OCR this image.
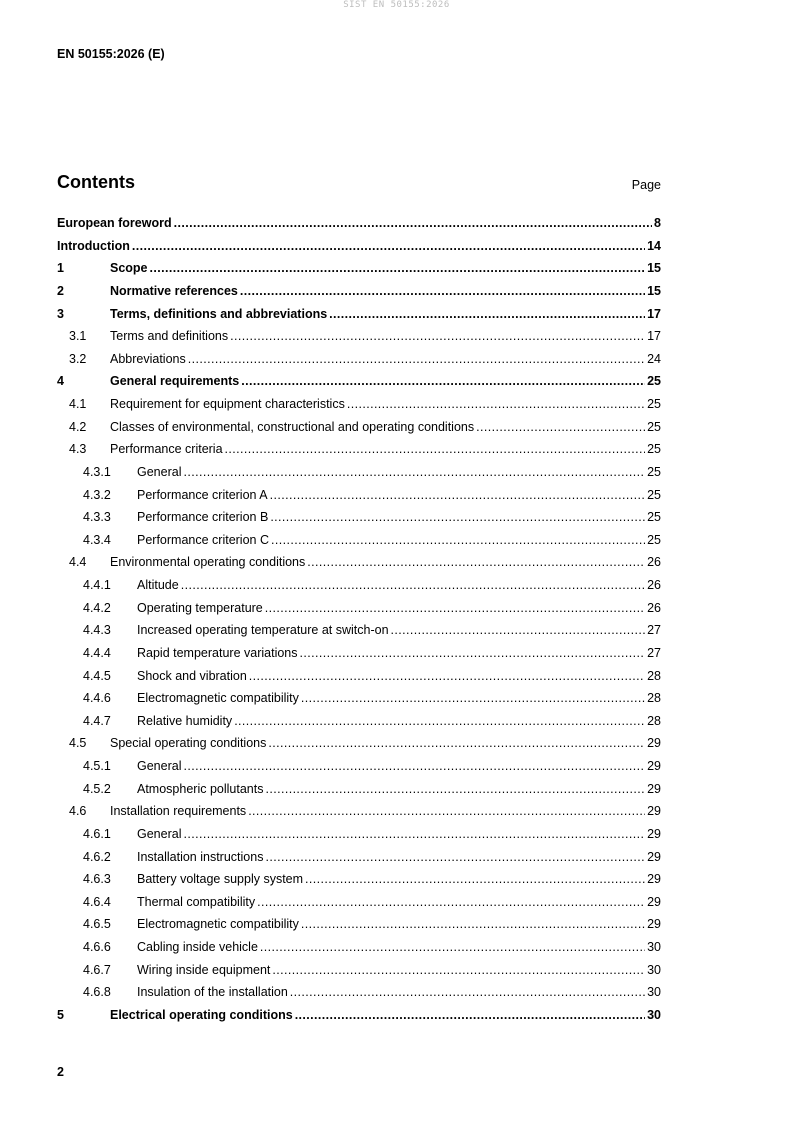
SIST EN 50155:2026
EN 50155:2026 (E)
Contents	Page
European foreword .....	8
Introduction .....	14
1	Scope .....	15
2	Normative references .....	15
3	Terms, definitions and abbreviations .....	17
3.1	Terms and definitions .....	17
3.2	Abbreviations .....	24
4	General requirements .....	25
4.1	Requirement for equipment characteristics .....	25
4.2	Classes of environmental, constructional and operating conditions .....	25
4.3	Performance criteria .....	25
4.3.1	General .....	25
4.3.2	Performance criterion A .....	25
4.3.3	Performance criterion B .....	25
4.3.4	Performance criterion C .....	25
4.4	Environmental operating conditions .....	26
4.4.1	Altitude .....	26
4.4.2	Operating temperature .....	26
4.4.3	Increased operating temperature at switch-on .....	27
4.4.4	Rapid temperature variations .....	27
4.4.5	Shock and vibration .....	28
4.4.6	Electromagnetic compatibility .....	28
4.4.7	Relative humidity .....	28
4.5	Special operating conditions .....	29
4.5.1	General .....	29
4.5.2	Atmospheric pollutants .....	29
4.6	Installation requirements .....	29
4.6.1	General .....	29
4.6.2	Installation instructions .....	29
4.6.3	Battery voltage supply system .....	29
4.6.4	Thermal compatibility .....	29
4.6.5	Electromagnetic compatibility .....	29
4.6.6	Cabling inside vehicle .....	30
4.6.7	Wiring inside equipment .....	30
4.6.8	Insulation of the installation .....	30
5	Electrical operating conditions .....	30
2
